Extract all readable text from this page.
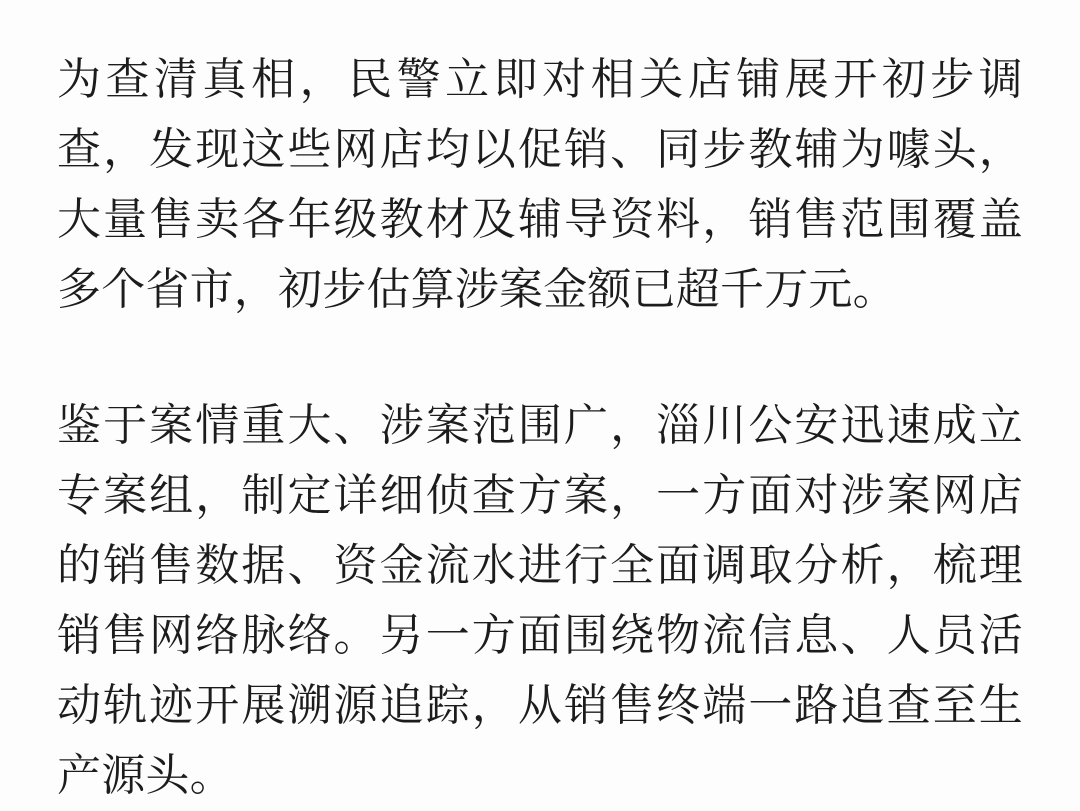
为查清真相，民警立即对相关店铺展开初步调查，发现这些网店均以促销、同步教辅为噱头，大量售卖各年级教材及辅导资料，销售范围覆盖多个省市，初步估算涉案金额已超千万元。

鉴于案情重大、涉案范围广，淄川公安迅速成立专案组，制定详细侦查方案，一方面对涉案网店的销售数据、资金流水进行全面调取分析，梳理销售网络脉络。另一方面围绕物流信息、人员活动轨迹开展溯源追踪，从销售终端一路追查至生产源头。
